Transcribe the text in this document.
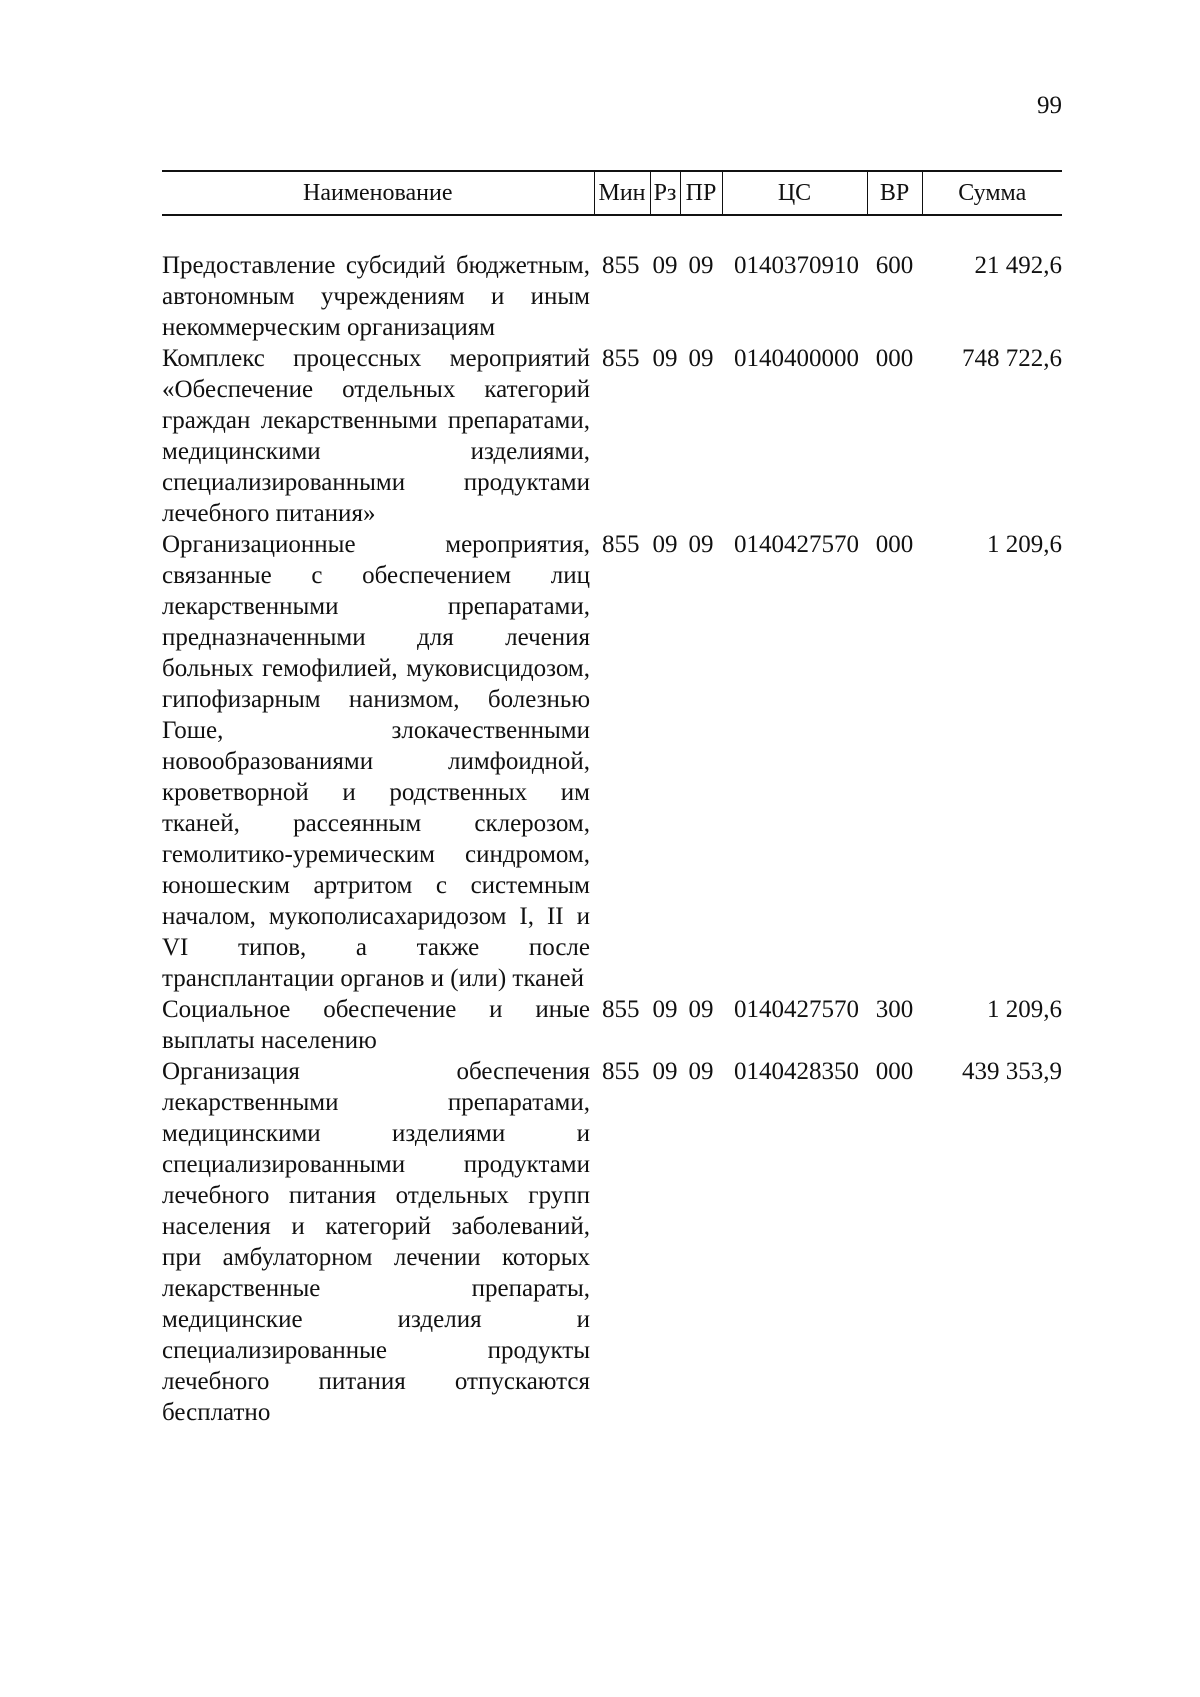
99
Наименование	Мин	Рз	ПР	ЦС	ВР	Сумма

Предоставление субсидий бюджетным, автономным учреждениям и иным некоммерческим организациям	855	09	09	0140370910	600	21 492,6
Комплекс процессных мероприятий «Обеспечение отдельных категорий граждан лекарственными препаратами, медицинскими изделиями, специализированными продуктами лечебного питания»	855	09	09	0140400000	000	748 722,6
Организационные мероприятия, связанные с обеспечением лиц лекарственными препаратами, предназначенными для лечения больных гемофилией, муковисцидозом, гипофизарным нанизмом, болезнью Гоше, злокачественными новообразованиями лимфоидной, кроветворной и родственных им тканей, рассеянным склерозом, гемолитико-уремическим синдромом, юношеским артритом с системным началом, мукополисахаридозом I, II и VI типов, а также после трансплантации органов и (или) тканей	855	09	09	0140427570	000	1 209,6
Социальное обеспечение и иные выплаты населению	855	09	09	0140427570	300	1 209,6
Организация обеспечения лекарственными препаратами, медицинскими изделиями и специализированными продуктами лечебного питания отдельных групп населения и категорий заболеваний, при амбулаторном лечении которых лекарственные препараты, медицинские изделия и специализированные продукты лечебного питания отпускаются бесплатно	855	09	09	0140428350	000	439 353,9
